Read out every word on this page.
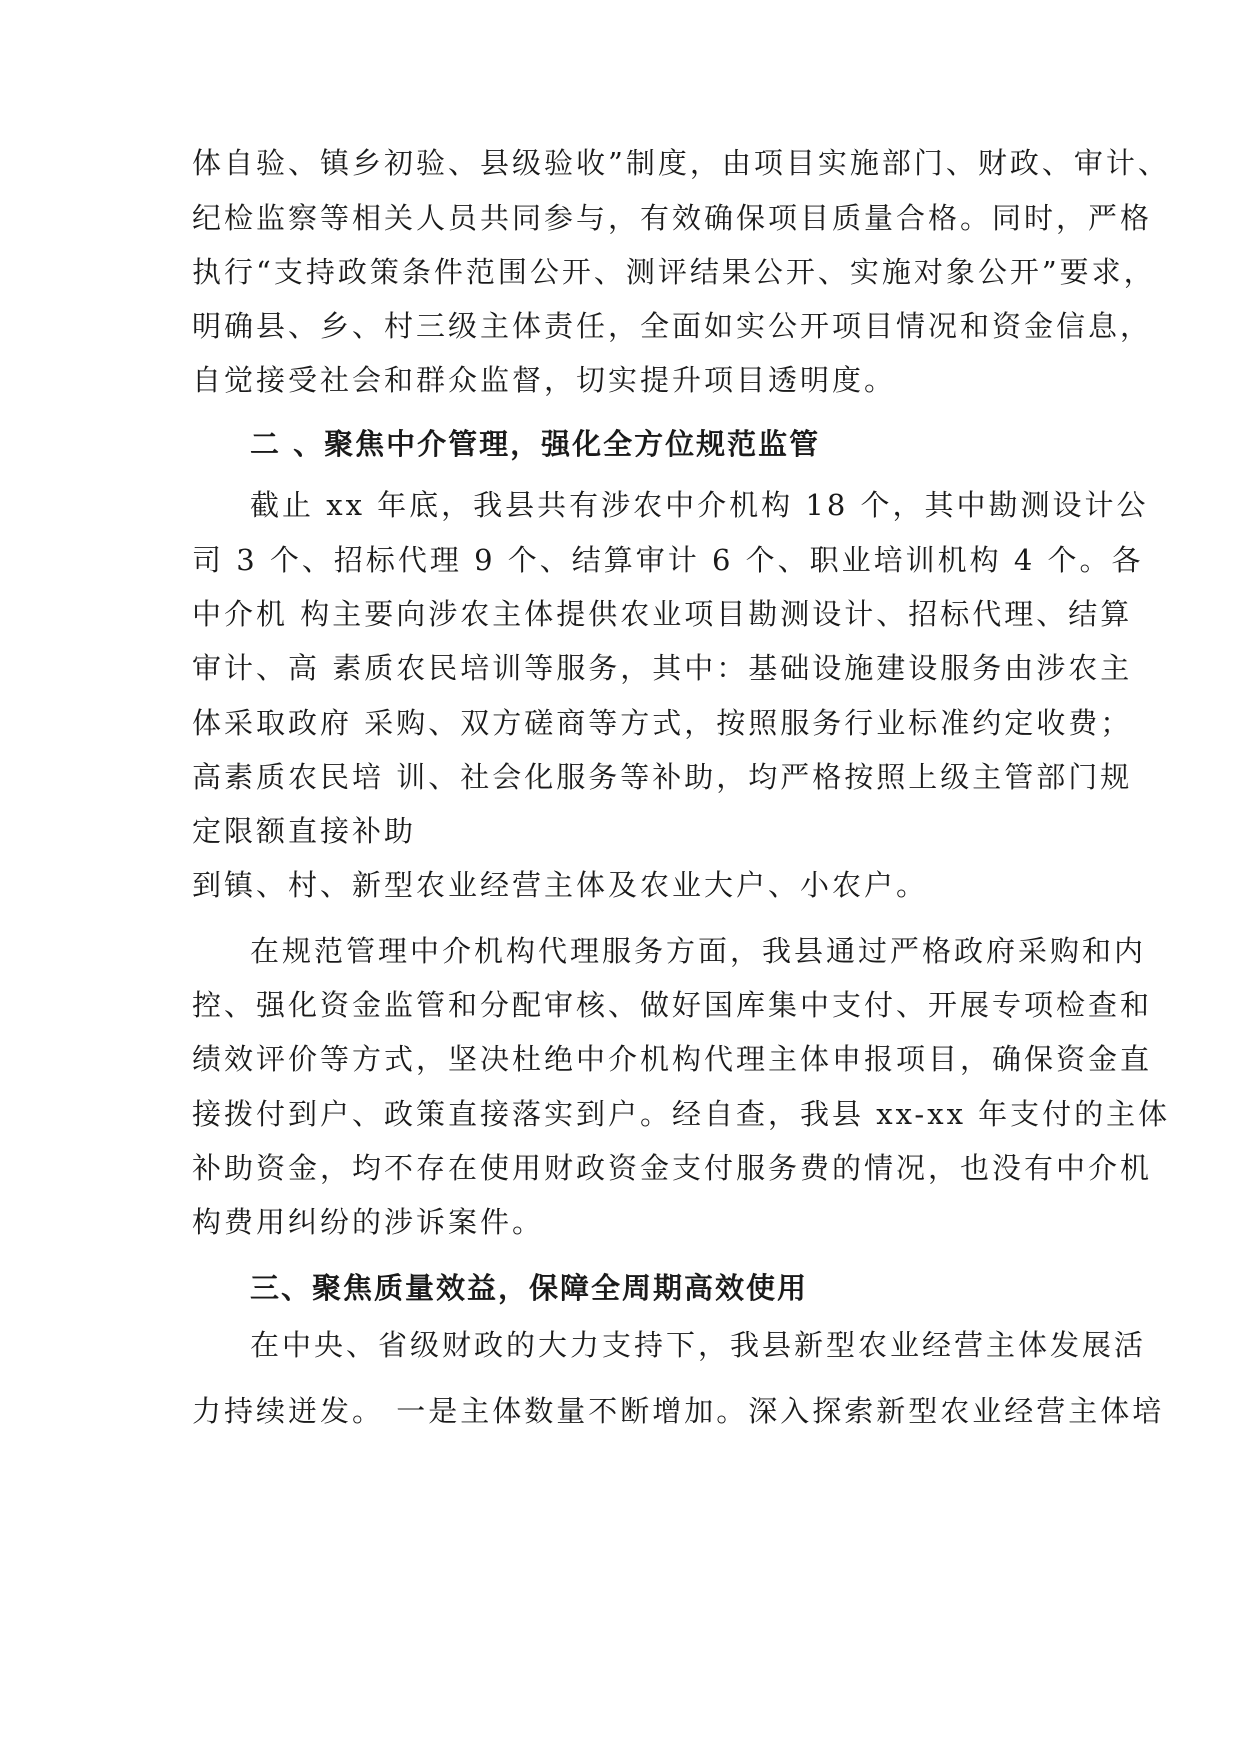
体自验、镇乡初验、县级验收”制度，由项目实施部门、财政、审计、
纪检监察等相关人员共同参与，有效确保项目质量合格。同时，严格
执行“支持政策条件范围公开、测评结果公开、实施对象公开”要求，
明确县、乡、村三级主体责任，全面如实公开项目情况和资金信息，
自觉接受社会和群众监督，切实提升项目透明度。
二 、聚焦中介管理，强化全方位规范监管
截止 xx 年底，我县共有涉农中介机构 18 个，其中勘测设计公
司 3 个、招标代理 9 个、结算审计 6 个、职业培训机构 4 个。各
中介机 构主要向涉农主体提供农业项目勘测设计、招标代理、结算
审计、高 素质农民培训等服务，其中：基础设施建设服务由涉农主
体采取政府 采购、双方磋商等方式，按照服务行业标准约定收费；
高素质农民培 训、社会化服务等补助，均严格按照上级主管部门规
定限额直接补助
到镇、村、新型农业经营主体及农业大户、小农户。
在规范管理中介机构代理服务方面，我县通过严格政府采购和内
控、强化资金监管和分配审核、做好国库集中支付、开展专项检查和
绩效评价等方式，坚决杜绝中介机构代理主体申报项目，确保资金直
接拨付到户、政策直接落实到户。经自查，我县 xx-xx 年支付的主体
补助资金，均不存在使用财政资金支付服务费的情况，也没有中介机
构费用纠纷的涉诉案件。
三、聚焦质量效益，保障全周期高效使用
在中央、省级财政的大力支持下，我县新型农业经营主体发展活
力持续迸发。 一是主体数量不断增加。深入探索新型农业经营主体培
